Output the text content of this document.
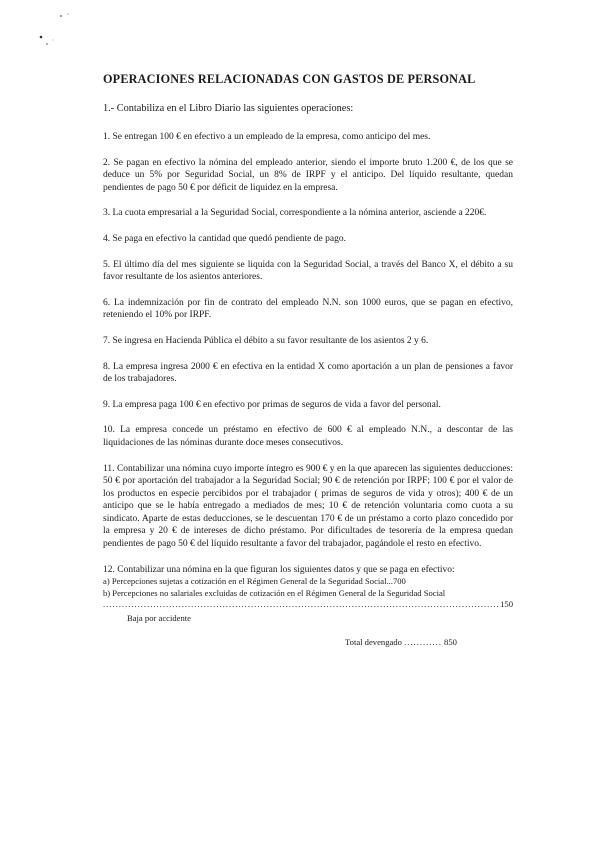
OPERACIONES RELACIONADAS CON GASTOS DE PERSONAL
1.- Contabiliza en el Libro Diario las siguientes operaciones:

1. Se entregan 100 € en efectivo a un empleado de la empresa, como anticipo del mes.

2. Se pagan en efectivo la nómina del empleado anterior, siendo el importe bruto 1.200 €, de los que se deduce un 5% por Seguridad Social, un 8% de IRPF y el anticipo. Del líquido resultante, quedan pendientes de pago 50 € por déficit de liquidez en la empresa.

3. La cuota empresarial a la Seguridad Social, correspondiente a la nómina anterior, asciende a 220€.

4. Se paga en efectivo la cantidad que quedó pendiente de pago.

5. El último día del mes siguiente se liquida con la Seguridad Social, a través del Banco X, el débito a su favor resultante de los asientos anteriores.

6. La indemnización por fin de contrato del empleado N.N. son 1000 euros, que se pagan en efectivo, reteniendo el 10% por IRPF.

7. Se ingresa en Hacienda Pública el débito a su favor resultante de los asientos 2 y 6.

8. La empresa ingresa 2000 € en efectiva en la entidad X como aportación a un plan de pensiones a favor de los trabajadores.

9. La empresa paga 100 € en efectivo por primas de seguros de vida a favor del personal.

10. La empresa concede un préstamo en efectivo de 600 € al empleado N.N., a descontar de las liquidaciones de las nóminas durante doce meses consecutivos.

11. Contabilizar una nómina cuyo importe íntegro es 900 € y en la que aparecen las siguientes deducciones: 50 € por aportación del trabajador a la Seguridad Social; 90 € de retención por IRPF; 100 € por el valor de los productos en especie percibidos por el trabajador ( primas de seguros de vida y otros); 400 € de un anticipo que se le había entregado a mediados de mes; 10 € de retención voluntaria como cuota a su sindicato. Aparte de estas deducciones, se le descuentan 170 € de un préstamo a corto plazo concedido por la empresa y 20 € de intereses de dicho préstamo. Por dificultades de tesorería de la empresa quedan pendientes de pago 50 € del líquido resultante a favor del trabajador, pagándole el resto en efectivo.

12. Contabilizar una nómina en la que figuran los siguientes datos y que se paga en efectivo:

a) Percepciones sujetas a cotización en el Régimen General de la Seguridad Social ... 700
b) Percepciones no salariales excluidas de cotización en el Régimen General de la Seguridad Social
.............................................................................................................................. 150
Baja por accidente
Total devengado ............ 850
